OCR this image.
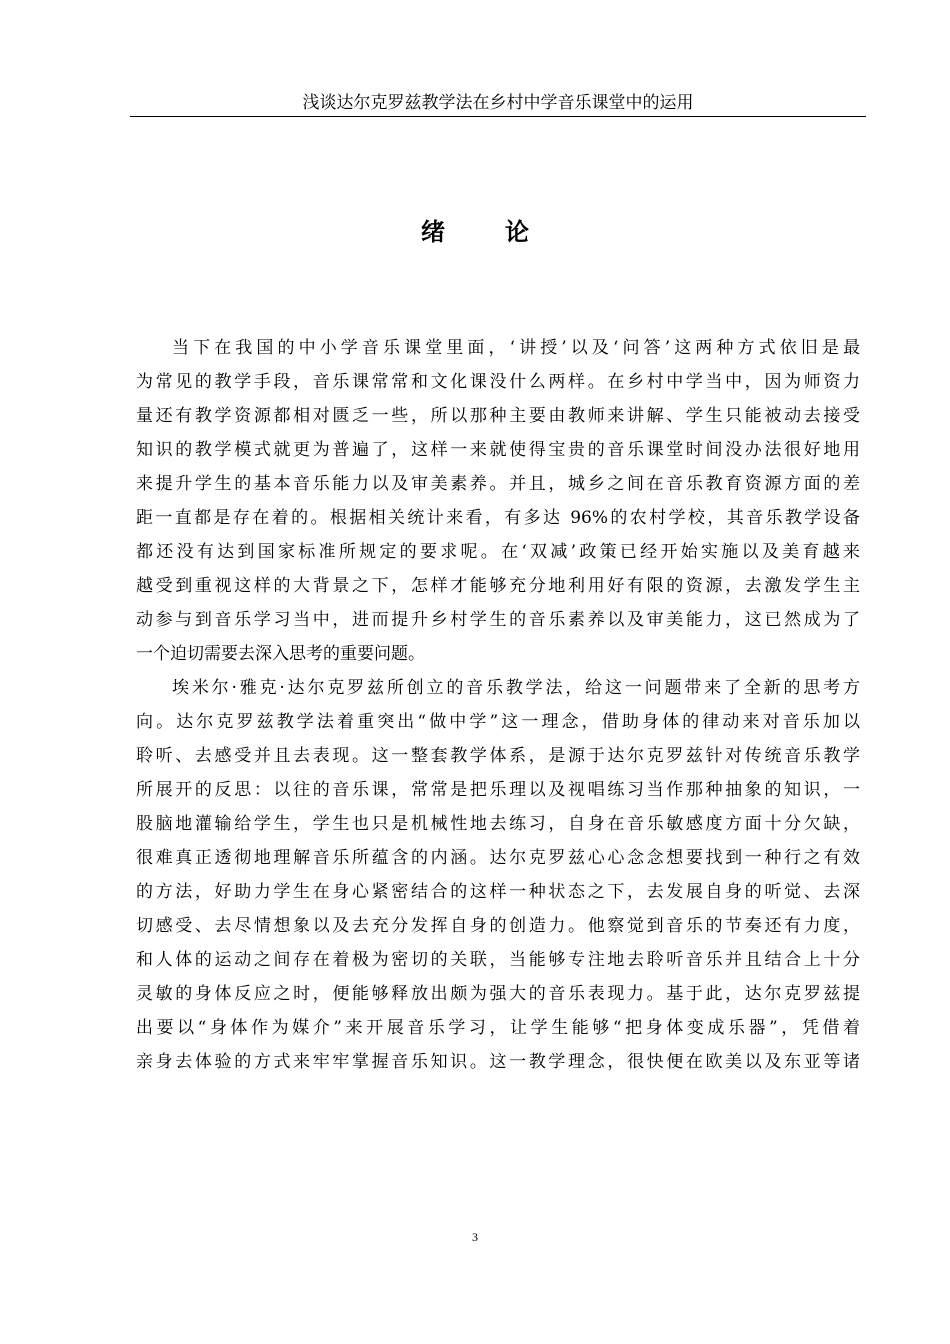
浅谈达尔克罗兹教学法在乡村中学音乐课堂中的运用
绪	论
当下在我国的中小学音乐课堂里面，‘讲授’以及‘问答’这两种方式依旧是最
为常见的教学手段，音乐课常常和文化课没什么两样。在乡村中学当中，因为师资力
量还有教学资源都相对匮乏一些，所以那种主要由教师来讲解、学生只能被动去接受
知识的教学模式就更为普遍了，这样一来就使得宝贵的音乐课堂时间没办法很好地用
来提升学生的基本音乐能力以及审美素养。并且，城乡之间在音乐教育资源方面的差
距一直都是存在着的。根据相关统计来看，有多达 96%的农村学校，其音乐教学设备
都还没有达到国家标准所规定的要求呢。在‘双减’政策已经开始实施以及美育越来
越受到重视这样的大背景之下，怎样才能够充分地利用好有限的资源，去激发学生主
动参与到音乐学习当中，进而提升乡村学生的音乐素养以及审美能力，这已然成为了
一个迫切需要去深入思考的重要问题。
埃米尔·雅克·达尔克罗兹所创立的音乐教学法，给这一问题带来了全新的思考方
向。达尔克罗兹教学法着重突出“做中学”这一理念，借助身体的律动来对音乐加以
聆听、去感受并且去表现。这一整套教学体系，是源于达尔克罗兹针对传统音乐教学
所展开的反思：以往的音乐课，常常是把乐理以及视唱练习当作那种抽象的知识，一
股脑地灌输给学生，学生也只是机械性地去练习，自身在音乐敏感度方面十分欠缺，
很难真正透彻地理解音乐所蕴含的内涵。达尔克罗兹心心念念想要找到一种行之有效
的方法，好助力学生在身心紧密结合的这样一种状态之下，去发展自身的听觉、去深
切感受、去尽情想象以及去充分发挥自身的创造力。他察觉到音乐的节奏还有力度，
和人体的运动之间存在着极为密切的关联，当能够专注地去聆听音乐并且结合上十分
灵敏的身体反应之时，便能够释放出颇为强大的音乐表现力。基于此，达尔克罗兹提
出要以“身体作为媒介”来开展音乐学习，让学生能够“把身体变成乐器”，凭借着
亲身去体验的方式来牢牢掌握音乐知识。这一教学理念，很快便在欧美以及东亚等诸
3
